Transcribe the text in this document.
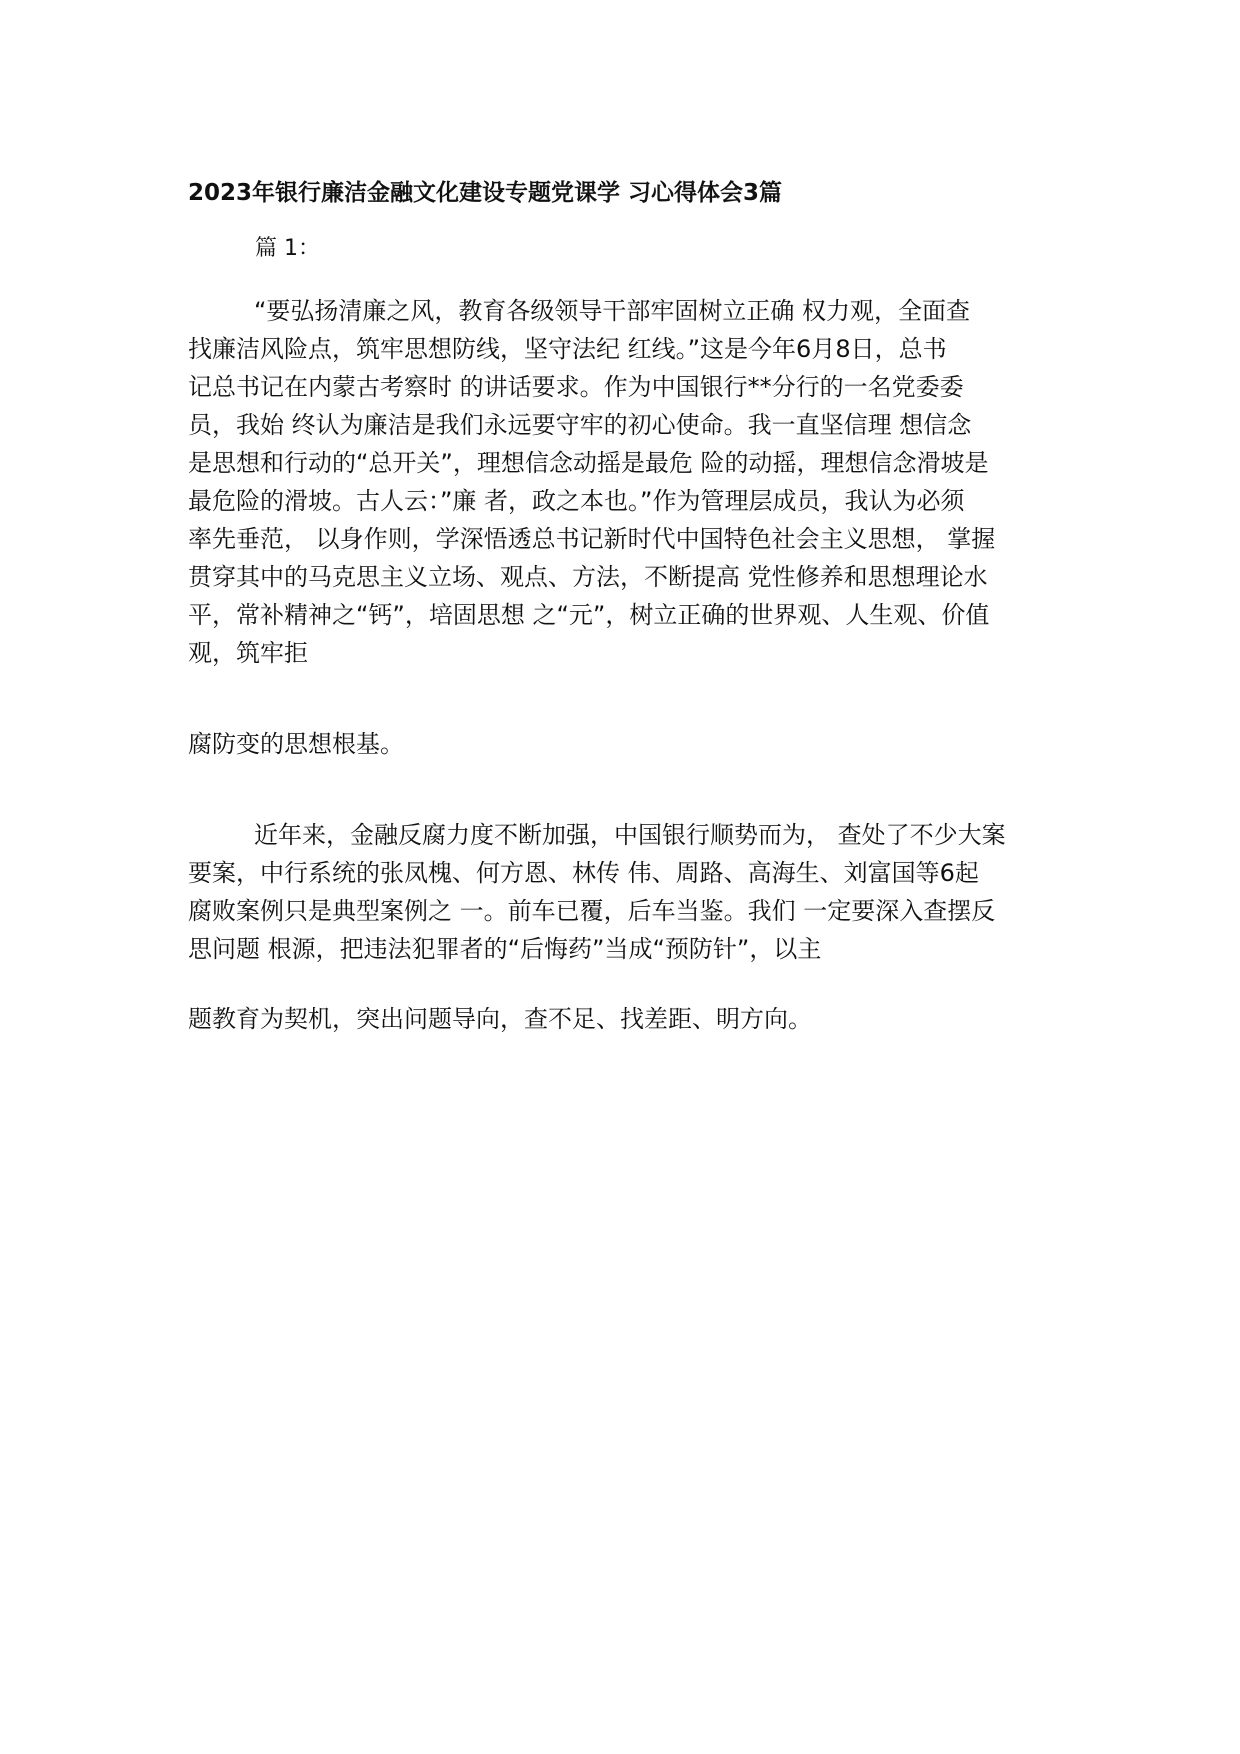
2023年银行廉洁金融文化建设专题党课学 习心得体会3篇
篇 1：
“要弘扬清廉之风，教育各级领导干部牢固树立正确 权力观，全面查
找廉洁风险点，筑牢思想防线，坚守法纪 红线。”这是今年6月8日，总书
记总书记在内蒙古考察时 的讲话要求。作为中国银行**分行的一名党委委
员，我始 终认为廉洁是我们永远要守牢的初心使命。我一直坚信理 想信念
是思想和行动的“总开关”，理想信念动摇是最危 险的动摇，理想信念滑坡是
最危险的滑坡。古人云：”廉 者，政之本也。”作为管理层成员，我认为必须
率先垂范， 以身作则，学深悟透总书记新时代中国特色社会主义思想， 掌握
贯穿其中的马克思主义立场、观点、方法，不断提高 党性修养和思想理论水
平，常补精神之“钙”，培固思想 之“元”，树立正确的世界观、人生观、价值
观，筑牢拒
腐防变的思想根基。
近年来，金融反腐力度不断加强，中国银行顺势而为， 查处了不少大案
要案，中行系统的张凤槐、何方恩、林传 伟、周路、高海生、刘富国等6起
腐败案例只是典型案例之 一。前车已覆，后车当鉴。我们 一定要深入查摆反
思问题 根源，把违法犯罪者的“后悔药”当成“预防针”，以主
题教育为契机，突出问题导向，查不足、找差距、明方向。
